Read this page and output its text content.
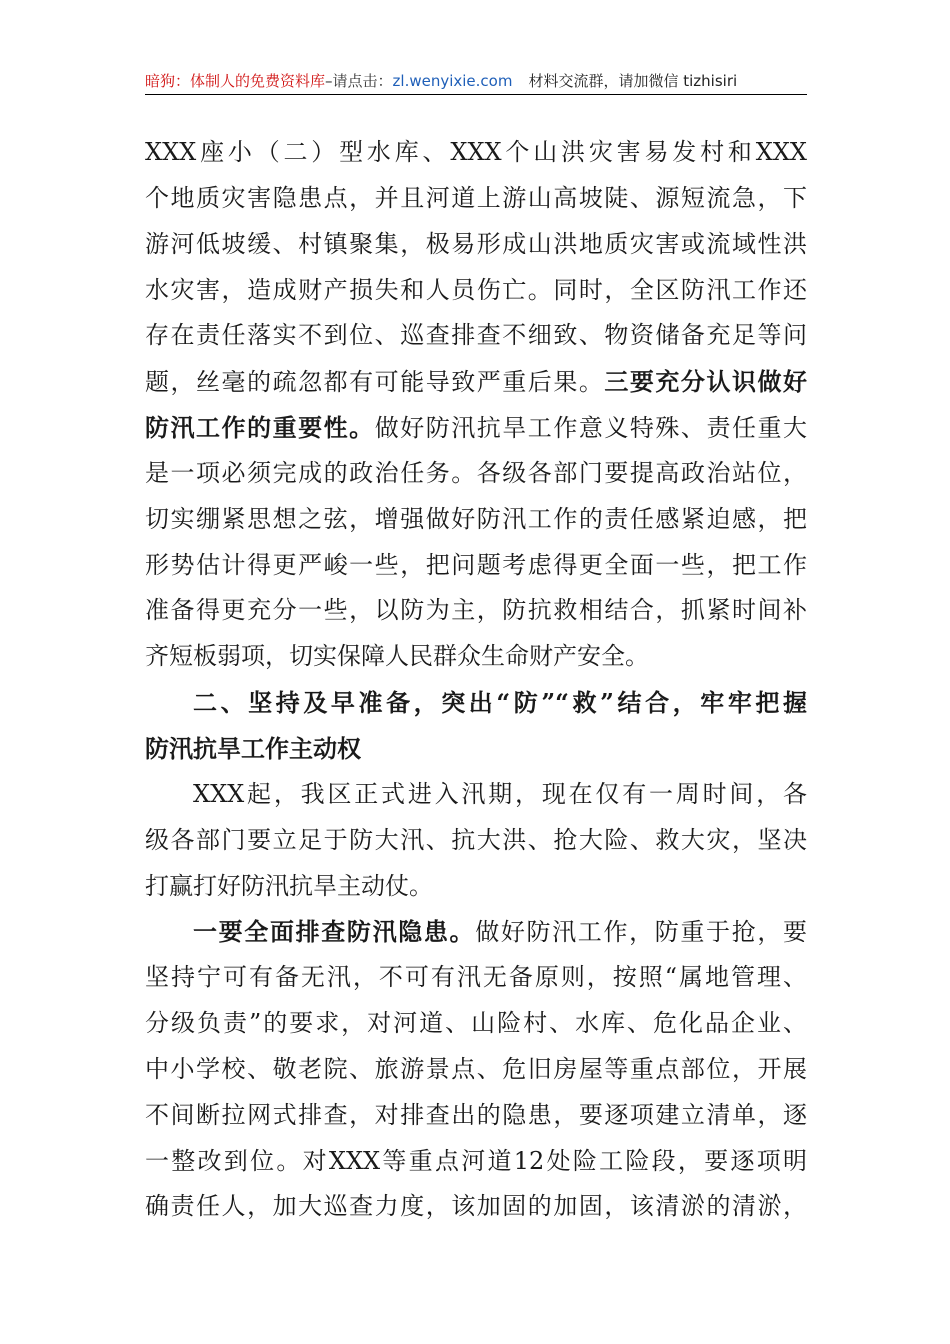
暗狗：体制人的免费资料库–请点击：zl.wenyixie.com 材料交流群，请加微信 tizhisiri
XXX座小（二）型水库、XXX个山洪灾害易发村和XXX
个地质灾害隐患点，并且河道上游山高坡陡、源短流急，下
游河低坡缓、村镇聚集，极易形成山洪地质灾害或流域性洪
水灾害，造成财产损失和人员伤亡。同时，全区防汛工作还
存在责任落实不到位、巡查排查不细致、物资储备充足等问
题，丝毫的疏忽都有可能导致严重后果。三要充分认识做好
防汛工作的重要性。做好防汛抗旱工作意义特殊、责任重大
是一项必须完成的政治任务。各级各部门要提高政治站位，
切实绷紧思想之弦，增强做好防汛工作的责任感紧迫感，把
形势估计得更严峻一些，把问题考虑得更全面一些，把工作
准备得更充分一些，以防为主，防抗救相结合，抓紧时间补
齐短板弱项，切实保障人民群众生命财产安全。
二、坚持及早准备，突出“防”“救”结合，牢牢把握
防汛抗旱工作主动权
XXX起，我区正式进入汛期，现在仅有一周时间，各
级各部门要立足于防大汛、抗大洪、抢大险、救大灾，坚决
打赢打好防汛抗旱主动仗。
一要全面排查防汛隐患。做好防汛工作，防重于抢，要
坚持宁可有备无汛，不可有汛无备原则，按照“属地管理、
分级负责”的要求，对河道、山险村、水库、危化品企业、
中小学校、敬老院、旅游景点、危旧房屋等重点部位，开展
不间断拉网式排查，对排查出的隐患，要逐项建立清单，逐
一整改到位。对XXX等重点河道12处险工险段，要逐项明
确责任人，加大巡查力度，该加固的加固，该清淤的清淤，
